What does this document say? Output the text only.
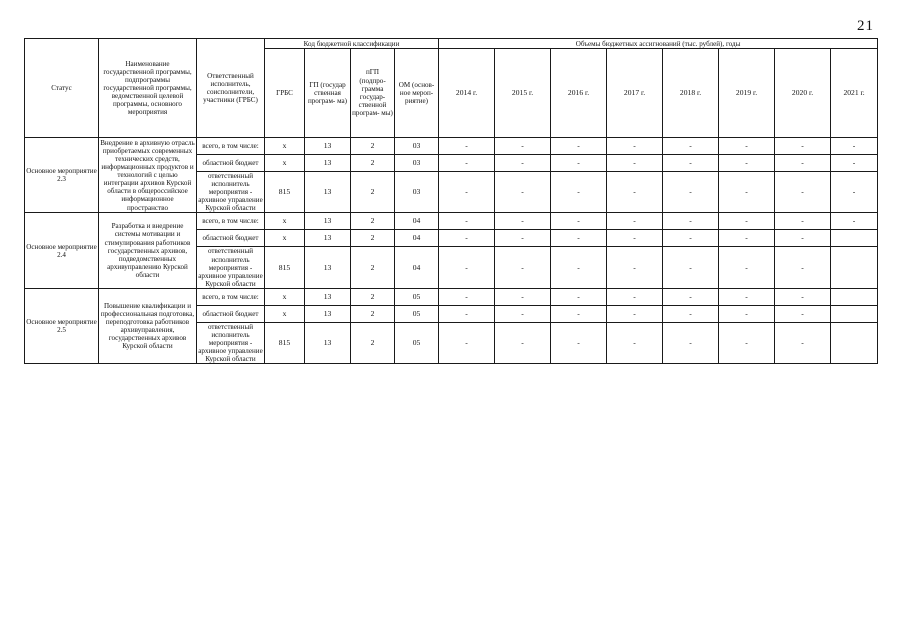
21
Статус	Наименование государственной программы, подпрограммы государственной программы, ведомственной целевой программы, основного мероприятия	Ответственный исполнитель, соисполнители, участники (ГРБС)	Код бюджетной классификации				Объемы бюджетных ассигнований (тыс. рублей), годы							
			ГРБС	ГП (государ ственная програм- ма)	пГП (подпро- грамма государ- ственной програм- мы)	ОМ (основ- ное мероп- риятие)	2014 г.	2015 г.	2016 г.	2017 г.	2018 г.	2019 г.	2020 г.	2021 г.
Основное мероприятие 2.3	Внедрение в архивную отрасль приобретаемых современных технических средств, информационных продуктов и технологий с целью интеграции архивов Курской области в общероссийское информационное пространство	всего, в том числе:	х	13	2	03	-	-	-	-	-	-	-	-
		областной бюджет	х	13	2	03	-	-	-	-	-	-	-	-
		ответственный исполнитель мероприятия - архивное управление Курской области	815	13	2	03	-	-	-	-	-	-	-	-
Основное мероприятие 2.4	Разработка и внедрение системы мотивации и стимулирования работников государственных архивов, подведомственных архивуправлению Курской области	всего, в том числе:	х	13	2	04	-	-	-	-	-	-	-	-
		областной бюджет	х	13	2	04	-	-	-	-	-	-	-	
		ответственный исполнитель мероприятия - архивное управление Курской области	815	13	2	04	-	-	-	-	-	-	-	
Основное мероприятие 2.5	Повышение квалификации и профессиональная подготовка, переподготовка работников архивуправления, государственных архивов Курской области	всего, в том числе:	х	13	2	05	-	-	-	-	-	-	-	
		областной бюджет	х	13	2	05	-	-	-	-	-	-	-	
		ответственный исполнитель мероприятия - архивное управление Курской области	815	13	2	05	-	-	-	-	-	-	-	
